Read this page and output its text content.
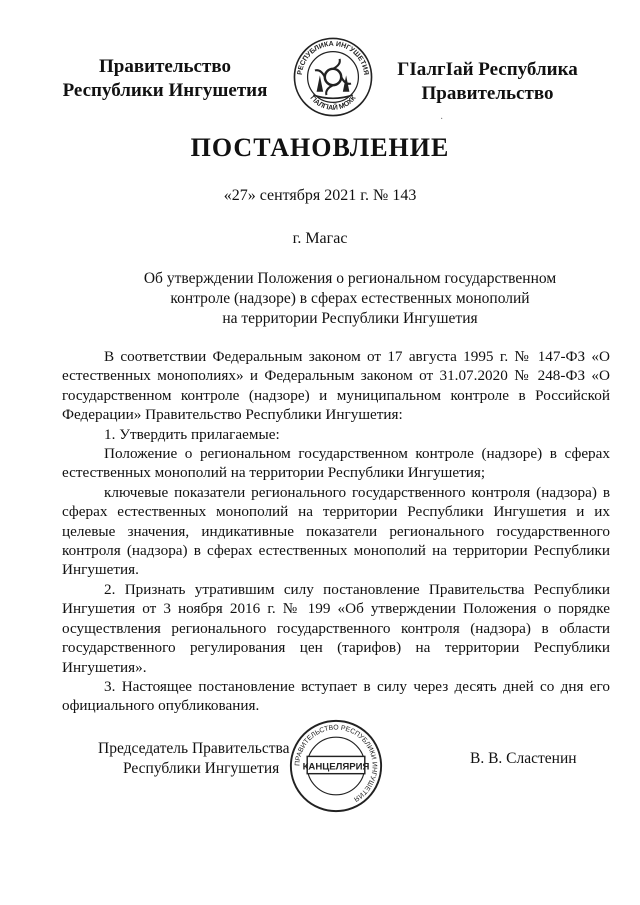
Правительство
Республики Ингушетия
РЕСПУБЛИКА ИНГУШЕТИЯ
ГIАЛГIАЙ МОХК
ГIалгIай Республика
Правительство
·
ПОСТАНОВЛЕНИЕ
«27» сентября 2021 г. № 143
г. Магас
Об утверждении Положения о региональном государственном
контроле (надзоре) в сферах естественных монополий
на территории Республики Ингушетия

В соответствии Федеральным законом от 17 августа 1995 г. № 147-ФЗ «О естественных монополиях» и Федеральным законом от 31.07.2020 № 248-ФЗ «О государственном контроле (надзоре) и муниципальном контроле в Российской Федерации» Правительство Республики Ингушетия:

1. Утвердить прилагаемые:

Положение о региональном государственном контроле (надзоре) в сферах естественных монополий на территории Республики Ингушетия;

ключевые показатели регионального государственного контроля (надзора) в сферах естественных монополий на территории Республики Ингушетия и их целевые значения, индикативные показатели регионального государственного контроля (надзора) в сферах естественных монополий на территории Республики Ингушетия.

2. Признать утратившим силу постановление Правительства Республики Ингушетия от 3 ноября 2016 г. № 199 «Об утверждении Положения о порядке осуществления регионального государственного контроля (надзора) в области государственного регулирования цен (тарифов) на территории Республики Ингушетия».

3. Настоящее постановление вступает в силу через десять дней со дня его официального опубликования.

Председатель Правительства
Республики Ингушетия	ПРАВИТЕЛЬСТВО РЕСПУБЛИКИ ИНГУШЕТИЯ
КАНЦЕЛЯРИЯ	В. В. Сластенин
